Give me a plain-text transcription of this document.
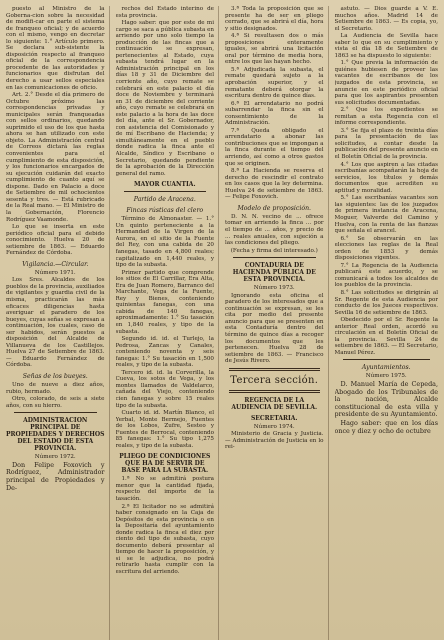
puesto al Ministro de la Goberna-cion sobre la necesidad de modifi-car en parte el sistema de franqueo oficial; y de acuerdo con el mismo, vengo en decretar lo siguiente: 1.° Artículo primero. Se declara sub-sistente la disposición respecto al franqueo oficial de la correspondencia procedente de las autoridades y funcionarios que disfrutan del derecho a usar sellos especiales en las comunicaciones de oficio.

Art. 2.° Desde el día primero de Octubre próximo las correspondencias privadas y municipales serán franqueadas con sellos ordinarios, quedando suprimido el uso de los que hasta ahora se han utilizado con este objeto. La Administración central de Correos dictará las reglas convenientes para el cumplimiento de esta disposición, y los funcionarios encargados de su ejecución cuidarán del exacto cumplimiento de cuanto aquí se dispone. Dado en Palacio a doce de Setiembre de mil ochocientos sesenta y tres. — Está rubricado de la Real mano. — El Ministro de la Gobernación, Florencio Rodríguez Vaamonde.

Lo que se inserta en este periódico oficial para el debido conocimiento. Huelva 20 de setiembre de 1863. — Eduardo Fernández de Córdoba.

Vigilancia.—Circular.
Número 1971.

Los Sres. Alcaldes de los pueblos de la provincia, auxiliados de vigilantes y guardia civil de la misma, practicarán las más eficaces diligencias hasta averiguar el paradero de los bueyes, cuyas señas se expresan a continuación, los cuales, caso de ser habidos, serán puestos a disposición del Alcalde de Villanueva de los Castillejos. Huelva 27 de Setiembre de 1863. — Eduardo Fernández de Córdoba.

Señas de los bueyes.

Uno de nueve a diez años, rubio, hermado.

Otro, colorado, de seis a siete años, con su hierro.

ADMINISTRACION PRINCIPAL DE PROPIEDADES Y DERECHOS DEL ESTADO DE ESTA PROVINCIA.
Número 1972.

Don Felipe Foxovich y Rodríguez, Administrador principal de Propiedades y De-

rechos del Estado interino de esta provincia.

Hago saber: que por este de mi cargo se saca a pública subasta en arriendo por uno solo tiempo la producción de las fincas que a continuación se expresan, pertenecientes al Estado, cuya subasta tendrá lugar en la Administración principal en los días 18 y 31 de Diciembre del corriente año, cuyo remate se celebrará en este palacio el día doce de Noviembre y terminará en 31 de diciembre del corriente año, cuyo remate se celebrará en este palacio a la hora de las doce del día, ante el Sr. Gobernador, con asistencia del Comisionado y de mí Escribano de Hacienda; y simultáneamente en el pueblo donde radica la finca ante el Alcalde, Síndico y Escribano o Secretario, quedando pendiente de la aprobación de la Dirección general del ramo.

MAYOR CUANTIA.
Partido de Aracena.
Fincas rústicas del clero

Término de Almonaster. — 1.° Un quinto perteneciente a la Hermandad de la Virgen de la Aurora, en el sitio de la Fuente del Rey, con una cabida de 20 fanegas, tasado en 4,800 reales; capitalizado en 1,440 reales, y tipo de la subasta.

Primer partido que comprende los sitios de El Carrillar, Era Alta, Era de Juan Romero, Barranco del Marchante, Vega de la Fuente, Rey y Bienes, conteniendo quinientas fanegas, con una cabida de 140 fanegas, aproximadamente: 1.° Su tasación en 1,840 reales, y tipo de la subasta.

Segundo id. id. el Turlejo, la Pedrosa, Zancas y Canales, conteniendo noventa y seis fanegas: 1.° Su tasación en 1,500 reales, y tipo de la subasta.

Tercero id. id. la Corverilla, la Cueva, los sotos de Vega, y los montes llamados de Valdelarco, cañada del Viejo, conteniendo cien fanegas y sobre 15 reales tipo de la subasta.

Cuarto id. id. Martín Blanco, el Yerbal, Monte Bermejo, Fuentes de los Lobos, Zufre, Sesteo y Fuentes de Berrocal, conteniendo 85 fanegas: 1.° Su tipo 1,275 reales, y tipo de la subasta.

PLIEGO DE CONDICIONES QUE HA DE SERVIR DE BASE PARA LA SUBASTA.

1.ª No se admitirá postura menor que la cantidad fijada, respecto del importe de la tasación.

2.ª El licitador no se admitirá haber consignado en la Caja de Depósitos de esta provincia o en la Depositaría del ayuntamiento donde radica la finca el diez por ciento del tipo de subasta, cuyo documento deberá presentar al tiempo de hacer la proposición, y si se le adjudica, no podrá retirarlo hasta cumplir con la escritura del arriendo.

3.ª Toda la proposición que se presente ha de ser en pliego cerrado, que se abrirá el día, hora y sitio designados.

4.ª Si resultasen dos o más proposiciones enteramente iguales, se abrirá una licitación oral por término de media hora, entre los que las hayan hecho.

5.ª Adjudicada la subasta, el remate quedará sujeto a la aprobación superior, y el rematante deberá otorgar la escritura dentro de quince días.

6.ª El arrendatario no podrá subarrendar la finca sin el consentimiento de la Administración.

7.ª Queda obligado el arrendatario a abonar las contribuciones que se impongan a la finca durante el tiempo del arriendo, así como a otros gastos que se originen.

8.ª La Hacienda se reserva el derecho de rescindir el contrato en los casos que la ley determina. Huelva 24 de setiembre de 1863. — Felipe Foxovich.

Modelo de proposición.

D. N. N. vecino de ... ofrece tomar en arriendo la finca ... por el tiempo de ... años, y precio de ... reales anuales, con sujeción a las condiciones del pliego.

(Fecha y firma del interesado.)
CONTADURIA DE HACIENDA PÚBLICA DE ESTA PROVINCIA.
Número 1973.

Ignorando esta oficina el paradero de los interesados que a continuación se expresan, se les cita por medio del presente anuncio para que se presenten en esta Contaduría dentro del término de quince días a recoger los documentos que les pertenecen. Huelva 28 de setiembre de 1863. — Francisco de Jesús Rivero.

Tercera sección.
REGENCIA DE LA AUDIENCIA DE SEVILLA.
SECRETARIA.
Número 1974.

Ministerio de Gracia y Justicia. — Administración de Justicia en lo rei-

astuto. — Dios guarde a V. E. muchos años. Madrid 14 de Setiembre de 1863. — Es copia, yo, el Secretario.

La Audiencia de Sevilla hace saber lo que en su cumplimiento y vista el día 18 de Setiembre de 1863 se ha dispuesto lo siguiente:

1.° Que previa la información de quiénes hubiesen de proveer las vacantes de escribanos de los juzgados de esta provincia, se anuncie en este periódico oficial para que los aspirantes presenten sus solicitudes documentadas.

2.° Que los expedientes se remitan a esta Regencia con el informe correspondiente.

3.° Se fija el plazo de treinta días para la presentación de las solicitudes, a contar desde la publicación del presente anuncio en el Boletín Oficial de la provincia.

4.° Los que aspiren a las citadas escribanías acompañarán la hoja de servicios, los títulos y demás documentos que acrediten su aptitud y moralidad.

5.° Las escribanías vacantes son las siguientes: las de los juzgados de primera instancia de Aracena, Moguer, Valverde del Camino y Huelva, con la renta de las fianzas que señala el arancel.

6.° Se observarán en las elecciones las reglas de la Real orden de 1853 y demás disposiciones vigentes.

7.° La Regencia de la Audiencia publicará este acuerdo, y se comunicará a todos los alcaldes de los pueblos de la provincia.

8.° Las solicitudes se dirigirán al Sr. Regente de esta Audiencia por conducto de los Jueces respectivos. Sevilla 16 de setiembre de 1863.

Obedecido por el Sr. Regente la anterior Real orden, acordó su circulación en el Boletín Oficial de la provincia. Sevilla 24 de setiembre de 1863. — El Secretario, Manuel Pérez.

Ayuntamientos.
Número 1975.

D. Manuel María de Cepeda, Abogado de los Tribunales de la nación, Alcalde constitucional de esta villa y presidente de su Ayuntamiento.

Hago saber: que en los días once y diez y ocho de octubre
